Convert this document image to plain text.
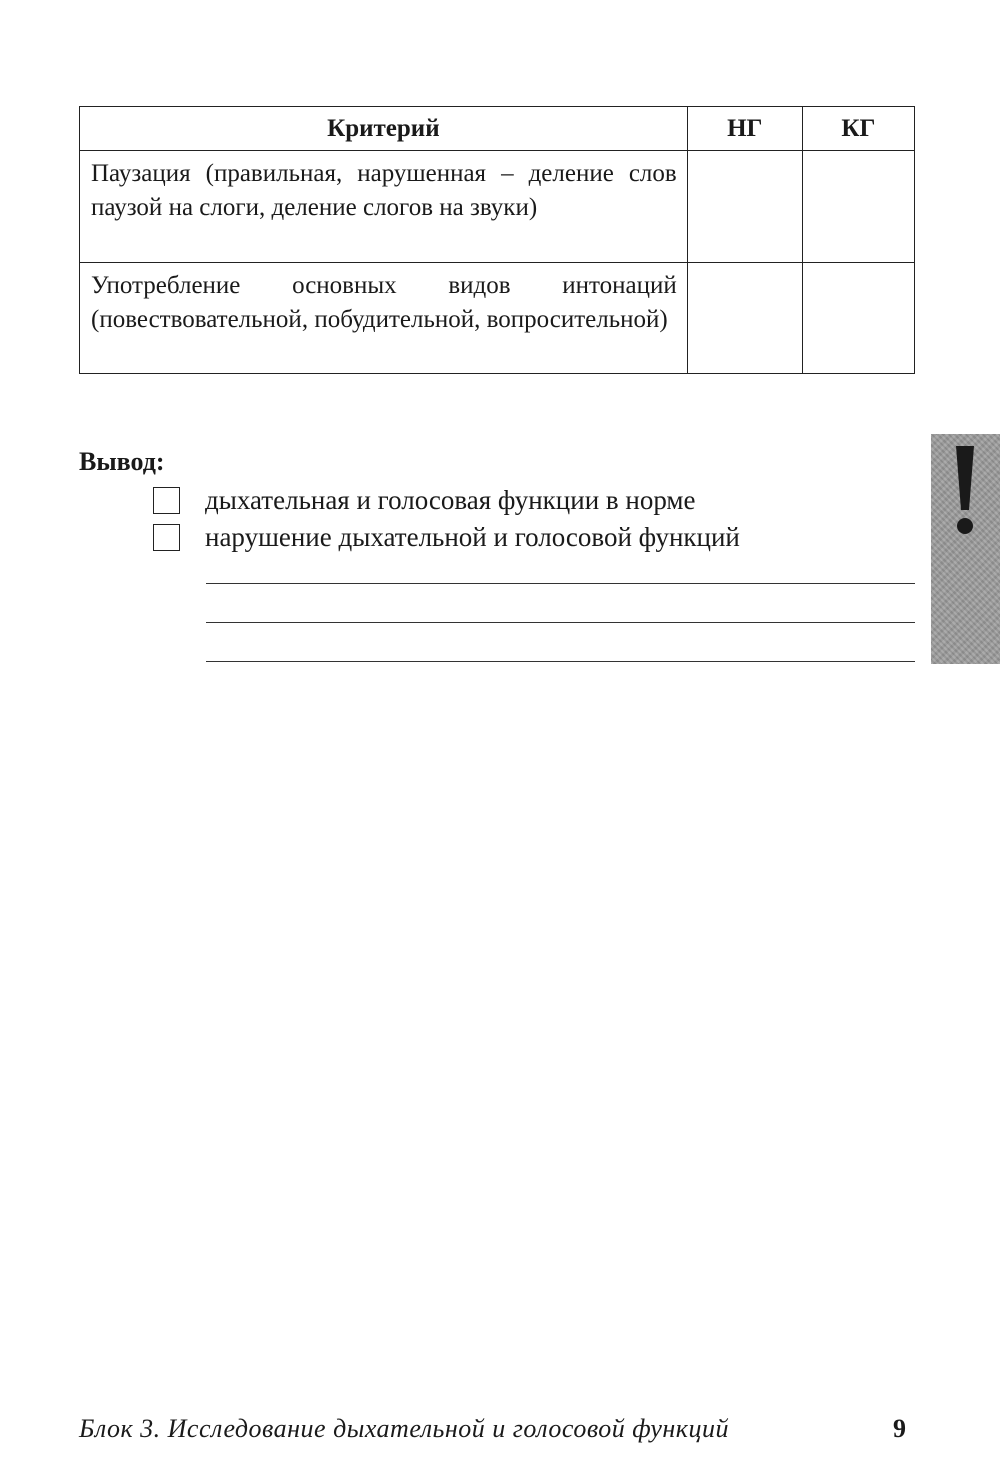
Критерий	НГ	КГ
Паузация (правильная, нарушенная – деление слов паузой на слоги, деление слогов на звуки)		
Употребление основных видов интонаций (повествовательной, побудительной, вопросительной)		

Вывод:

дыхательная и голосовая функции в норме
нарушение дыхательной и голосовой функций
Блок 3. Исследование дыхательной и голосовой функций	9
